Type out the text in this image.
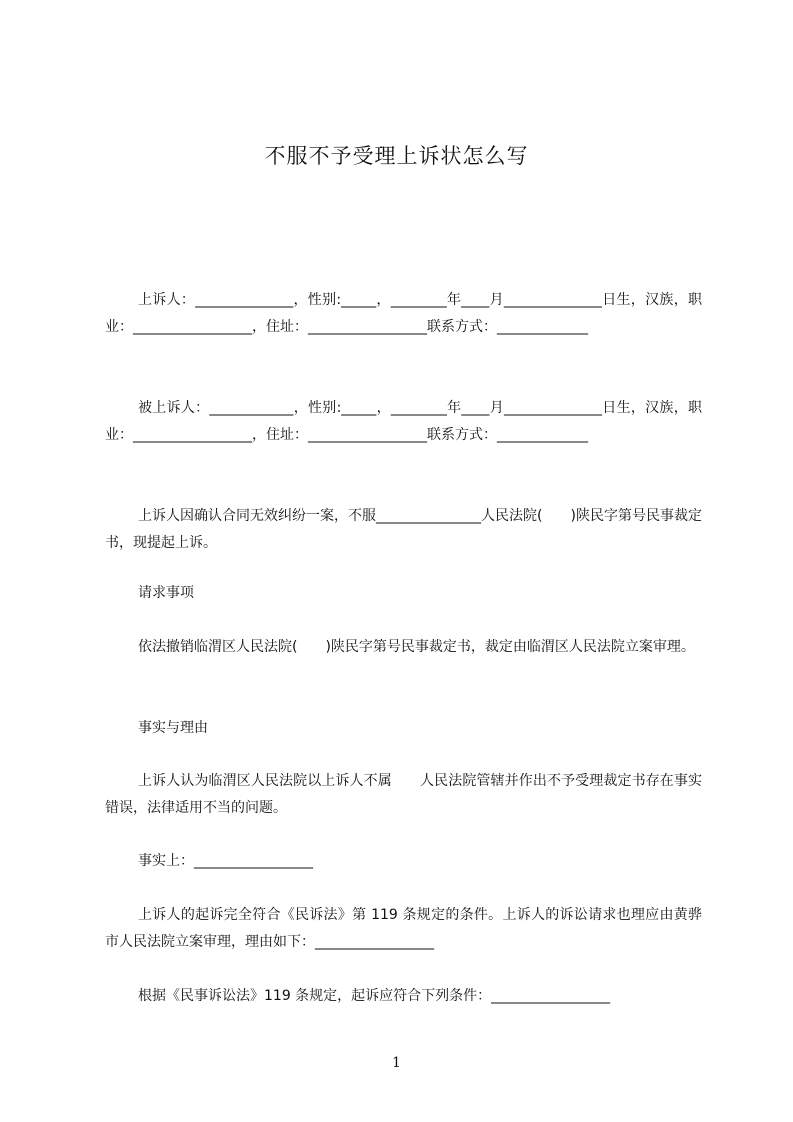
不服不予受理上诉状怎么写

上诉人：______________，性别:_____，________年____月______________日生，汉族，职业：_________________，住址：_________________联系方式：_____________

被上诉人：____________，性别:_____，________年____月______________日生，汉族，职业：_________________，住址：_________________联系方式：_____________

上诉人因确认合同无效纠纷一案，不服_______________人民法院(　　)陕民字第号民事裁定书，现提起上诉。

请求事项

依法撤销临渭区人民法院(　　)陕民字第号民事裁定书，裁定由临渭区人民法院立案审理。

事实与理由

上诉人认为临渭区人民法院以上诉人不属　　人民法院管辖并作出不予受理裁定书存在事实错误，法律适用不当的问题。

事实上：_________________

上诉人的起诉完全符合《民诉法》第 119 条规定的条件。上诉人的诉讼请求也理应由黄骅市人民法院立案审理，理由如下：_________________

根据《民事诉讼法》119 条规定，起诉应符合下列条件：_________________

1
